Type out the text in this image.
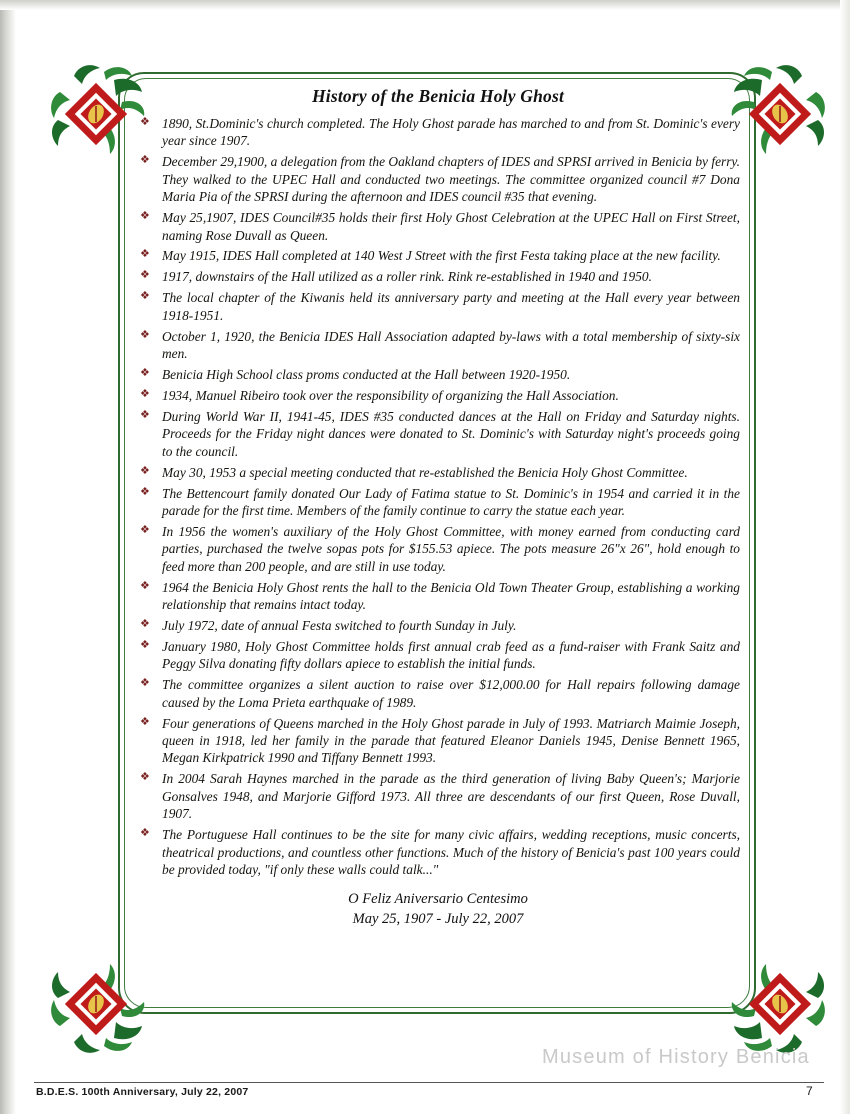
History of the Benicia Holy Ghost
❖ 1890, St.Dominic's church completed. The Holy Ghost parade has marched to and from St. Dominic's every year since 1907.
❖ December 29,1900, a delegation from the Oakland chapters of IDES and SPRSI arrived in Benicia by ferry. They walked to the UPEC Hall and conducted two meetings. The committee organized council #7 Dona Maria Pia of the SPRSI during the afternoon and IDES council #35 that evening.
❖ May 25,1907, IDES Council#35 holds their first Holy Ghost Celebration at the UPEC Hall on First Street, naming Rose Duvall as Queen.
❖ May 1915, IDES Hall completed at 140 West J Street with the first Festa taking place at the new facility.
❖ 1917, downstairs of the Hall utilized as a roller rink. Rink re-established in 1940 and 1950.
❖ The local chapter of the Kiwanis held its anniversary party and meeting at the Hall every year between 1918-1951.
❖ October 1, 1920, the Benicia IDES Hall Association adapted by-laws with a total membership of sixty-six men.
❖ Benicia High School class proms conducted at the Hall between 1920-1950.
❖ 1934, Manuel Ribeiro took over the responsibility of organizing the Hall Association.
❖ During World War II, 1941-45, IDES #35 conducted dances at the Hall on Friday and Saturday nights. Proceeds for the Friday night dances were donated to St. Dominic's with Saturday night's proceeds going to the council.
❖ May 30, 1953 a special meeting conducted that re-established the Benicia Holy Ghost Committee.
❖ The Bettencourt family donated Our Lady of Fatima statue to St. Dominic's in 1954 and carried it in the parade for the first time. Members of the family continue to carry the statue each year.
❖ In 1956 the women's auxiliary of the Holy Ghost Committee, with money earned from conducting card parties, purchased the twelve sopas pots for $155.53 apiece. The pots measure 26"x 26", hold enough to feed more than 200 people, and are still in use today.
❖ 1964 the Benicia Holy Ghost rents the hall to the Benicia Old Town Theater Group, establishing a working relationship that remains intact today.
❖ July 1972, date of annual Festa switched to fourth Sunday in July.
❖ January 1980, Holy Ghost Committee holds first annual crab feed as a fund-raiser with Frank Saitz and Peggy Silva donating fifty dollars apiece to establish the initial funds.
❖ The committee organizes a silent auction to raise over $12,000.00 for Hall repairs following damage caused by the Loma Prieta earthquake of 1989.
❖ Four generations of Queens marched in the Holy Ghost parade in July of 1993. Matriarch Maimie Joseph, queen in 1918, led her family in the parade that featured Eleanor Daniels 1945, Denise Bennett 1965, Megan Kirkpatrick 1990 and Tiffany Bennett 1993.
❖ In 2004 Sarah Haynes marched in the parade as the third generation of living Baby Queen's; Marjorie Gonsalves 1948, and Marjorie Gifford 1973. All three are descendants of our first Queen, Rose Duvall, 1907.
❖ The Portuguese Hall continues to be the site for many civic affairs, wedding receptions, music concerts, theatrical productions, and countless other functions. Much of the history of Benicia's past 100 years could be provided today, "if only these walls could talk..."
O Feliz Aniversario Centesimo
May 25, 1907 - July 22, 2007
Museum of History Benicia
B.D.E.S. 100th Anniversary, July 22, 2007	7
